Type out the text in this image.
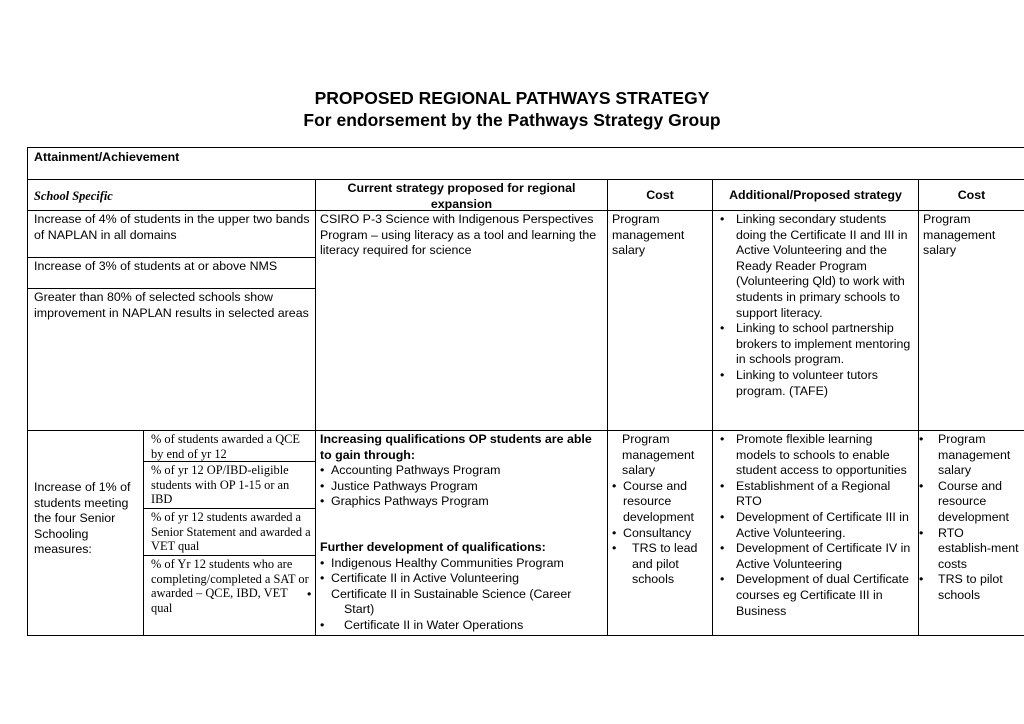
PROPOSED REGIONAL PATHWAYS STRATEGY
For endorsement by the Pathways Strategy Group
Attainment/Achievement
School Specific
Current strategy proposed for regional expansion
Cost	Additional/Proposed strategy	Cost
Increase of 4% of students in the upper two bands of NAPLAN in all domains
Increase of 3% of students at or above NMS
Greater than 80% of selected schools show improvement in NAPLAN results in selected areas
CSIRO P-3 Science with Indigenous Perspectives Program – using literacy as a tool and learning the literacy required for science
Program management salary
• Linking secondary students doing the Certificate II and III in Active Volunteering and the Ready Reader Program (Volunteering Qld) to work with students in primary schools to support literacy.
• Linking to school partnership brokers to implement mentoring in schools program.
• Linking to volunteer tutors program. (TAFE)
Program management salary
Increase of 1% of students meeting the four Senior Schooling measures:
% of students awarded a QCE by end of yr 12
% of yr 12 OP/IBD-eligible students with OP 1-15 or an IBD
% of yr 12 students awarded a Senior Statement and awarded a VET qual
% of Yr 12 students who are completing/completed a SAT or awarded – QCE, IBD, VET qual
Increasing qualifications OP students are able to gain through:
• Accounting Pathways Program
• Justice Pathways Program
• Graphics Pathways Program
Further development of qualifications:
• Indigenous Healthy Communities Program
• Certificate II in Active Volunteering
• Certificate II in Sustainable Science (Career Start)
• Certificate II in Water Operations
Program management salary
• Course and resource development
• Consultancy
• TRS to lead and pilot schools
• Promote flexible learning models to schools to enable student access to opportunities
• Establishment of a Regional RTO
• Development of Certificate III in Active Volunteering.
• Development of Certificate IV in Active Volunteering
• Development of dual Certificate courses eg Certificate III in Business
• Program management salary
• Course and resource development
• RTO establish-ment costs
• TRS to pilot schools
